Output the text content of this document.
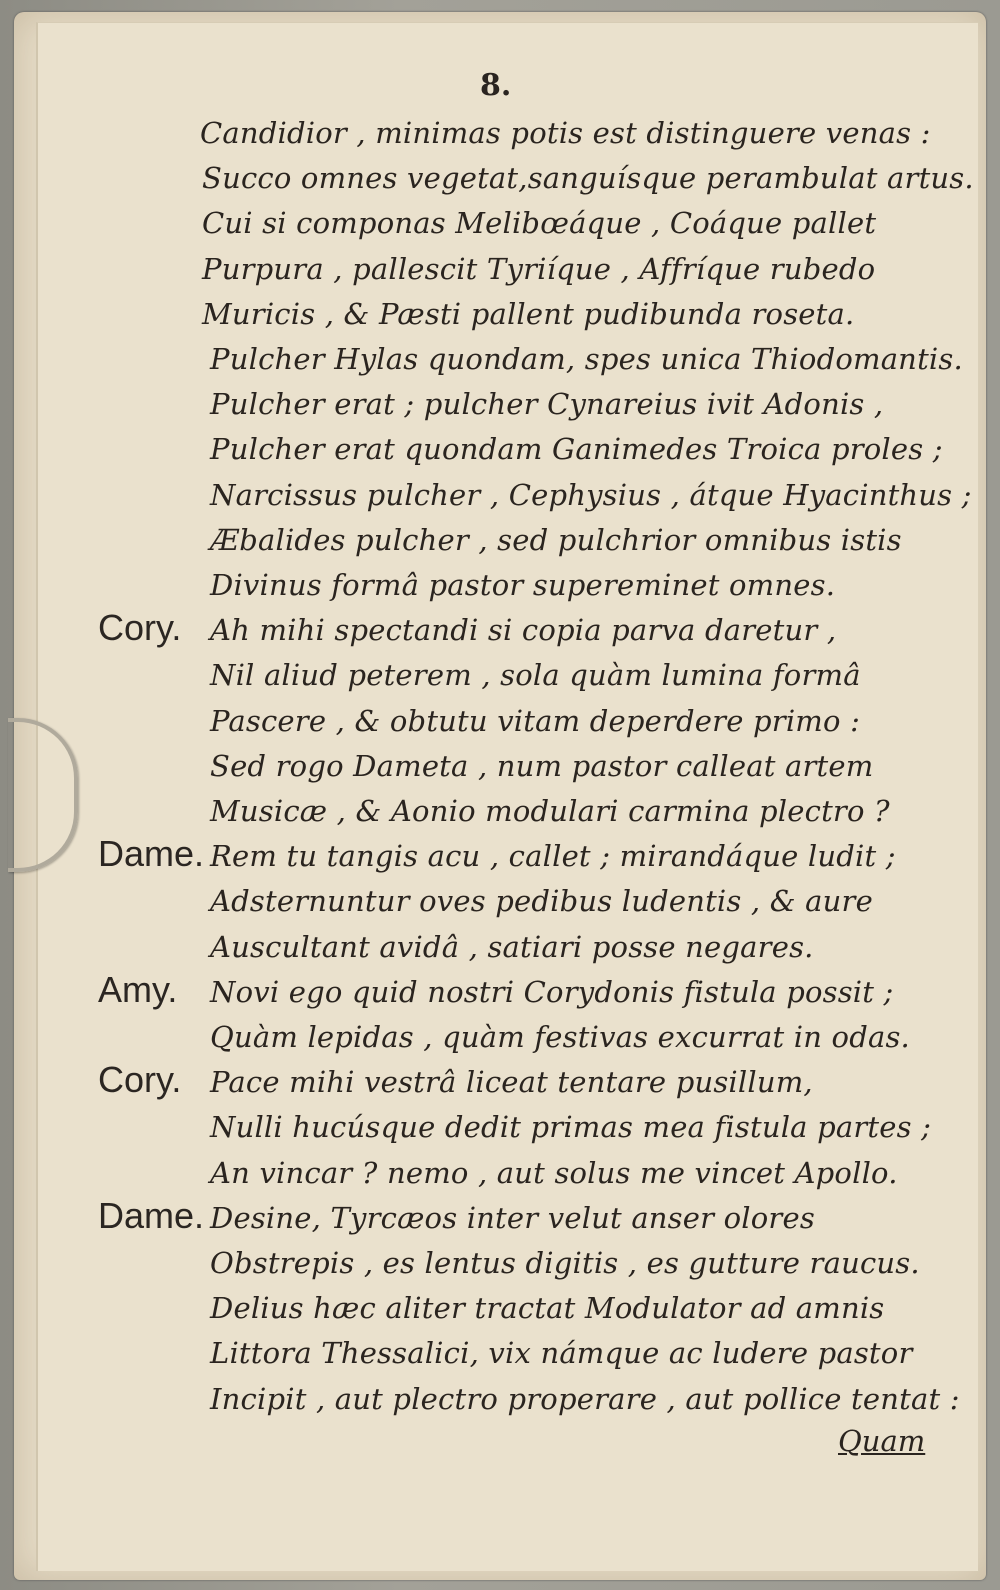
8.
Candidior , minimas potis est distinguere venas :
Succo omnes vegetat,sanguísque perambulat artus.
Cui si componas Melibœáque , Coáque pallet
Purpura , pallescit Tyriíque , Affríque rubedo
Muricis , & Pæsti pallent pudibunda roseta.
Pulcher Hylas quondam, spes unica Thiodomantis.
Pulcher erat ; pulcher Cynareius ivit Adonis ,
Pulcher erat quondam Ganimedes Troica proles ;
Narcissus pulcher , Cephysius , átque Hyacinthus ;
Æbalides pulcher , sed pulchrior omnibus istis
Divinus formâ pastor supereminet omnes.
Cory. Ah mihi spectandi si copia parva daretur ,
Nil aliud peterem , sola quàm lumina formâ
Pascere , & obtutu vitam deperdere primo :
Sed rogo Dameta , num pastor calleat artem
Musicæ , & Aonio modulari carmina plectro ?
Dame. Rem tu tangis acu , callet ; mirandáque ludit ;
Adsternuntur oves pedibus ludentis , & aure
Auscultant avidâ , satiari posse negares.
Amy. Novi ego quid nostri Corydonis fistula possit ;
Quàm lepidas , quàm festivas excurrat in odas.
Cory. Pace mihi vestrâ liceat tentare pusillum,
Nulli hucúsque dedit primas mea fistula partes ;
An vincar ? nemo , aut solus me vincet Apollo.
Dame. Desine, Tyrcæos inter velut anser olores
Obstrepis , es lentus digitis , es gutture raucus.
Delius hæc aliter tractat Modulator ad amnis
Littora Thessalici, vix námque ac ludere pastor
Incipit , aut plectro properare , aut pollice tentat :
Quam
